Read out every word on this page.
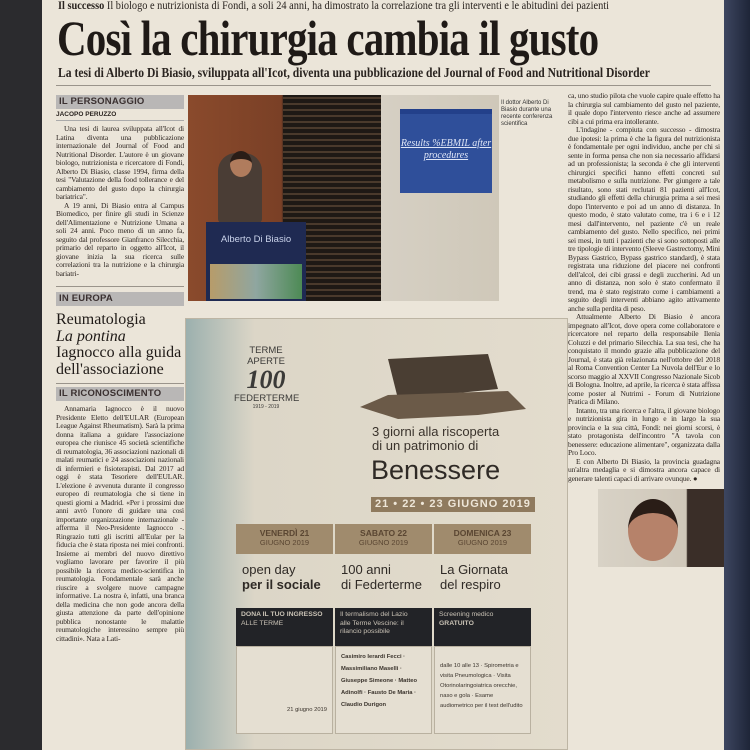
Il successo Il biologo e nutrizionista di Fondi, a soli 24 anni, ha dimostrato la correlazione tra gli interventi e le abitudini dei pazienti
Così la chirurgia cambia il gusto
La tesi di Alberto Di Biasio, sviluppata all'Icot, diventa una pubblicazione del Journal of Food and Nutritional Disorder
IL PERSONAGGIO
JACOPO PERUZZO

Una tesi di laurea sviluppata all'Icot di Latina diventa una pubblicazione internazionale del Journal of Food and Nutritional Disorder. L'autore è un giovane biologo, nutrizionista e ricercatore di Fondi, Alberto Di Biasio, classe 1994, firma della tesi "Valutazione della food tollerance e del cambiamento del gusto dopo la chirurgia bariatrica".

A 19 anni, Di Biasio entra al Campus Biomedico, per finire gli studi in Scienze dell'Alimentazione e Nutrizione Umana a soli 24 anni. Poco meno di un anno fa, seguito dal professore Gianfranco Silecchia, primario del reparto in oggetto all'Icot, il giovane inizia la sua ricerca sulle correlazioni tra la nutrizione e la chirurgia bariatri-

IN EUROPA
Reumatologia
La pontina
Iagnocco alla guida
dell'associazione
IL RICONOSCIMENTO

Annamaria Iagnocco è il nuovo Presidente Eletto dell'EULAR (European League Against Rheumatism). Sarà la prima donna italiana a guidare l'associazione europea che riunisce 45 società scientifiche di reumatologia, 36 associazioni nazionali di malati reumatici e 24 associazioni nazionali di infermieri e fisioterapisti. Dal 2017 ad oggi è stata Tesoriere dell'EULAR. L'elezione è avvenuta durante il congresso europeo di reumatologia che si tiene in questi giorni a Madrid. «Per i prossimi due anni avrò l'onore di guidare una così importante organizzazione internazionale - afferma il Neo-Presidente Iagnocco -. Ringrazio tutti gli iscritti all'Eular per la fiducia che è stata riposta nei miei confronti. Insieme ai membri del nuovo direttivo vogliamo lavorare per favorire il più possibile la ricerca medico-scientifica in reumatologia. Fondamentale sarà anche riuscire a svolgere nuove campagne informative. La nostra è, infatti, una branca della medicina che non gode ancora della giusta attenzione da parte dell'opinione pubblica nonostante le malattie reumatologiche interessino sempre più cittadini». Nata a Lati-

Results %EBMIL after procedures
Alberto Di Biasio
Il dottor Alberto Di Biasio durante una recente conferenza scientifica

ca, uno studio pilota che vuole capire quale effetto ha la chirurgia sul cambiamento del gusto nel paziente, il quale dopo l'intervento riesce anche ad assumere cibi a cui prima era intollerante.

L'indagine - compiuta con successo - dimostra due ipotesi: la prima è che la figura del nutrizionista è fondamentale per ogni individuo, anche per chi si sente in forma pensa che non sia necessario affidarsi ad un professionista; la seconda è che gli interventi chirurgici specifici hanno effetti concreti sul metabolismo e sulla nutrizione. Per giungere a tale risultato, sono stati reclutati 81 pazienti all'Icot, studiando gli effetti della chirurgia prima a sei mesi dopo l'intervento e poi ad un anno di distanza. In questo modo, è stato valutato come, tra i 6 e i 12 mesi dall'intervento, nel paziente c'è un reale cambiamento del gusto. Nello specifico, nei primi sei mesi, in tutti i pazienti che si sono sottoposti alle tre tipologie di intervento (Sleeve Gastrectomy, Mini Bypass Gastrico, Bypass gastrico standard), è stata registrata una riduzione del piacere nei confronti dell'alcol, dei cibi grassi e degli zuccherini. Ad un anno di distanza, non solo è stato confermato il trend, ma è stato registrato come i cambiamenti a seguito degli interventi abbiano agito attivamente anche sulla perdita di peso.

Attualmente Alberto Di Biasio è ancora impegnato all'Icot, dove opera come collaboratore e ricercatore nel reparto della responsabile Ilenia Coluzzi e del primario Silecchia. La sua tesi, che ha conquistato il mondo grazie alla pubblicazione del Journal, è stata già relazionata nell'ottobre del 2018 al Roma Convention Center La Nuvola dell'Eur e lo scorso maggio al XXVII Congresso Nazionale Sicob di Bologna. Inoltre, ad aprile, la ricerca è stata affissa come poster al Nutrimi - Forum di Nutrizione Pratica di Milano.

Intanto, tra una ricerca e l'altra, il giovane biologo e nutrizionista gira in lungo e in largo la sua provincia e la sua città, Fondi: nei giorni scorsi, è stato protagonista dell'incontro "A tavola con benessere: educazione alimentare", organizzata dalla Pro Loco.

E con Alberto Di Biasio, la provincia guadagna un'altra medaglia e si dimostra ancora capace di generare talenti capaci di arrivare ovunque. ●

TERME APERTE
100
FEDERTERME
1919 - 2019
3 giorni alla riscoperta
di un patrimonio di
Benessere
21 • 22 • 23 GIUGNO 2019
VENERDÌ 21
GIUGNO 2019
open day
per il sociale
DONA IL TUO INGRESSO
ALLE TERME
21 giugno 2019
SABATO 22
GIUGNO 2019
100 anni
di Federterme
Il termalismo del Lazio
alle Terme Vescine: il rilancio possibile
Casimiro Ierardi Fecci · Massimiliano Maselli · Giuseppe Simeone · Matteo Adinolfi · Fausto De Maria · Claudio Durigon
DOMENICA 23
GIUGNO 2019
La Giornata
del respiro
Screening medico
GRATUITO
dalle 10 alle 13 · Spirometria e visita Pneumologica · Visita Otorinolaringoiatrica orecchie, naso e gola · Esame audiometrico per il test dell'udito
